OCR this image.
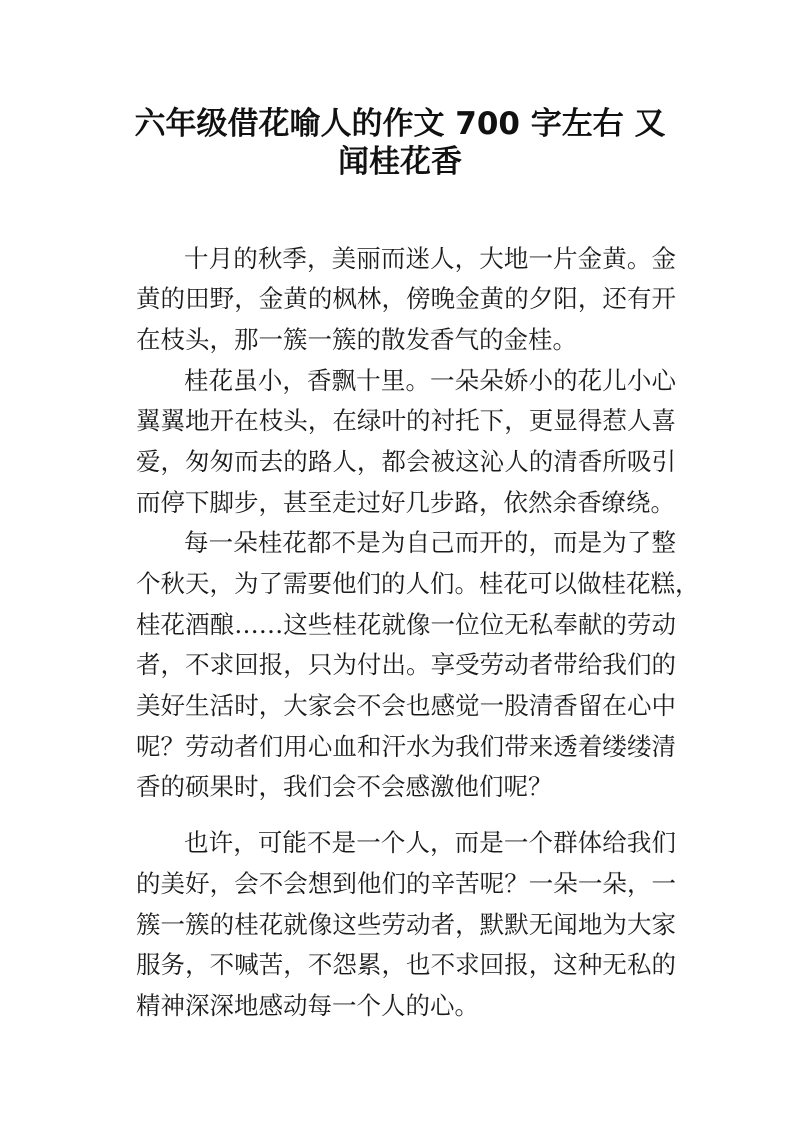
六年级借花喻人的作文 700 字左右 又
闻桂花香
十月的秋季，美丽而迷人，大地一片金黄。金
黄的田野，金黄的枫林，傍晚金黄的夕阳，还有开
在枝头，那一簇一簇的散发香气的金桂。
桂花虽小，香飘十里。一朵朵娇小的花儿小心
翼翼地开在枝头，在绿叶的衬托下，更显得惹人喜
爱，匆匆而去的路人，都会被这沁人的清香所吸引
而停下脚步，甚至走过好几步路，依然余香缭绕。
每一朵桂花都不是为自己而开的，而是为了整
个秋天，为了需要他们的人们。桂花可以做桂花糕，
桂花酒酿……这些桂花就像一位位无私奉献的劳动
者，不求回报，只为付出。享受劳动者带给我们的
美好生活时，大家会不会也感觉一股清香留在心中
呢？劳动者们用心血和汗水为我们带来透着缕缕清
香的硕果时，我们会不会感激他们呢？
也许，可能不是一个人，而是一个群体给我们
的美好，会不会想到他们的辛苦呢？一朵一朵，一
簇一簇的桂花就像这些劳动者，默默无闻地为大家
服务，不喊苦，不怨累，也不求回报，这种无私的
精神深深地感动每一个人的心。
